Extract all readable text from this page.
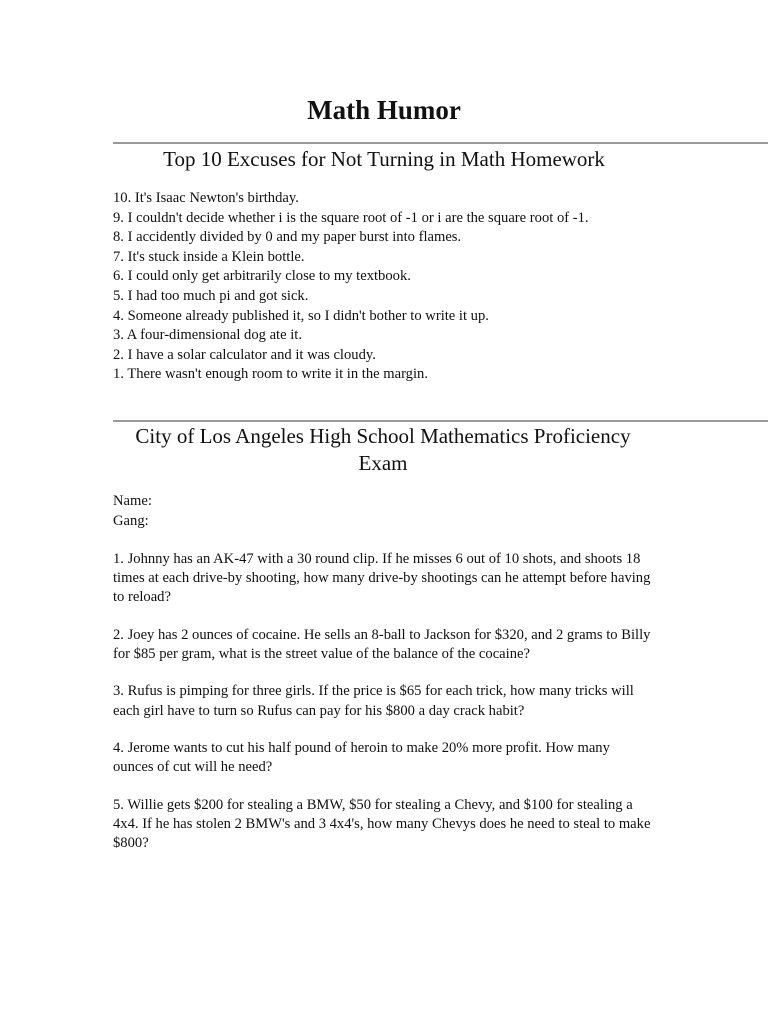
Math Humor
Top 10 Excuses for Not Turning in Math Homework
10. It's Isaac Newton's birthday.
9. I couldn't decide whether i is the square root of -1 or i are the square root of -1.
8. I accidently divided by 0 and my paper burst into flames.
7. It's stuck inside a Klein bottle.
6. I could only get arbitrarily close to my textbook.
5. I had too much pi and got sick.
4. Someone already published it, so I didn't bother to write it up.
3. A four-dimensional dog ate it.
2. I have a solar calculator and it was cloudy.
1. There wasn't enough room to write it in the margin.
City of Los Angeles High School Mathematics Proficiency Exam
Name:
Gang:
1. Johnny has an AK-47 with a 30 round clip. If he misses 6 out of 10 shots, and shoots 18 times at each drive-by shooting, how many drive-by shootings can he attempt before having to reload?
2. Joey has 2 ounces of cocaine. He sells an 8-ball to Jackson for $320, and 2 grams to Billy for $85 per gram, what is the street value of the balance of the cocaine?
3. Rufus is pimping for three girls. If the price is $65 for each trick, how many tricks will each girl have to turn so Rufus can pay for his $800 a day crack habit?
4. Jerome wants to cut his half pound of heroin to make 20% more profit. How many ounces of cut will he need?
5. Willie gets $200 for stealing a BMW, $50 for stealing a Chevy, and $100 for stealing a 4x4. If he has stolen 2 BMW's and 3 4x4's, how many Chevys does he need to steal to make $800?
